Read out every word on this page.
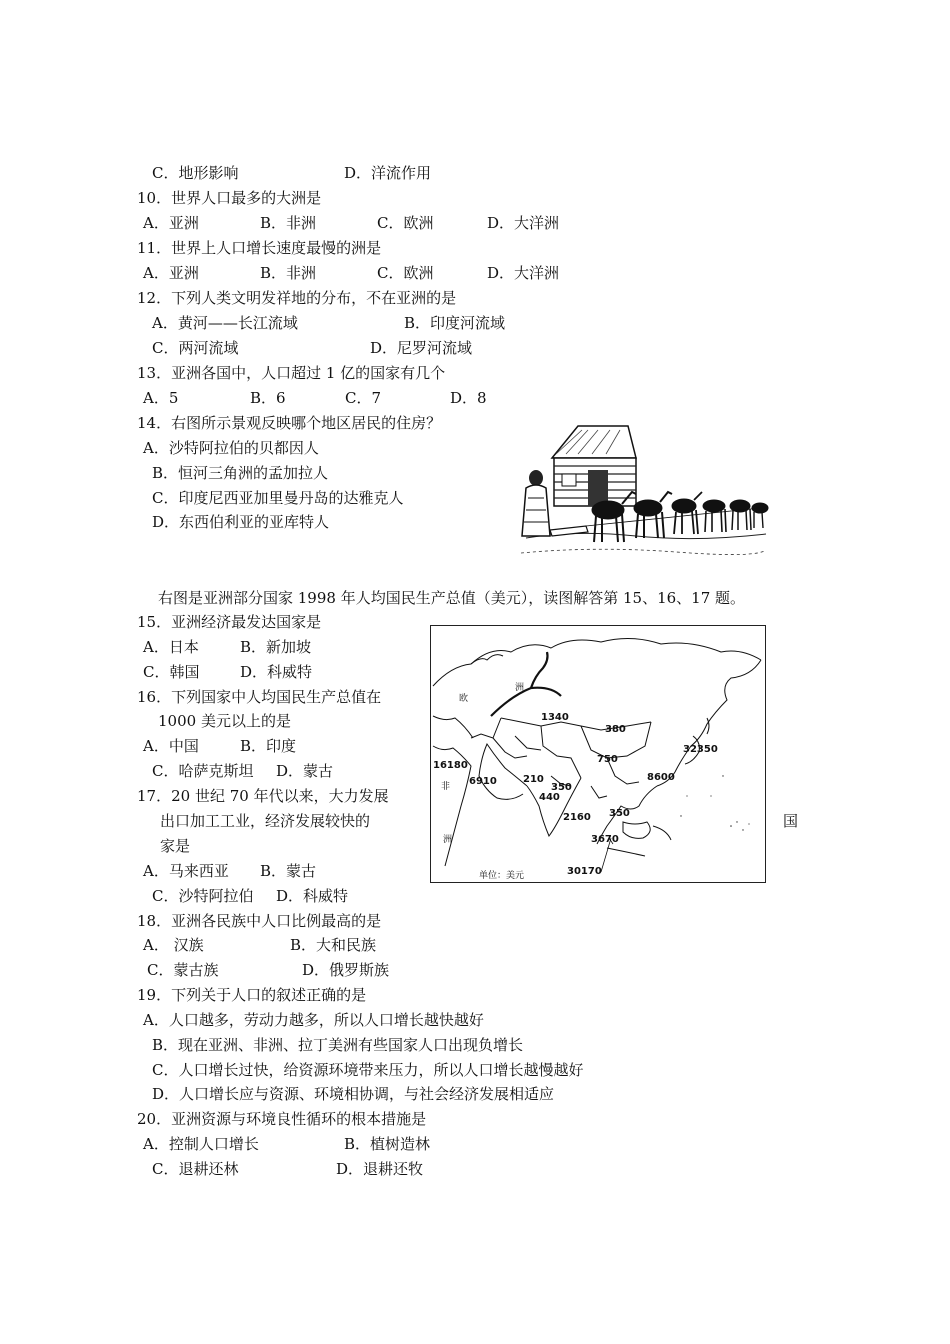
C．地形影响	D．洋流作用
10．世界人口最多的大洲是
A．亚洲	B．非洲	C．欧洲	D．大洋洲
11．世界上人口增长速度最慢的洲是
A．亚洲	B．非洲	C．欧洲	D．大洋洲
12．下列人类文明发祥地的分布，不在亚洲的是
A．黄河——长江流域	B．印度河流域
C．两河流域	D．尼罗河流域
13．亚洲各国中，人口超过 1 亿的国家有几个
A．5	B．6	C．7	D．8
14．右图所示景观反映哪个地区居民的住房？
A．沙特阿拉伯的贝都因人
B．恒河三角洲的孟加拉人
C．印度尼西亚加里曼丹岛的达雅克人
D．东西伯利亚的亚库特人
右图是亚洲部分国家 1998 年人均国民生产总值（美元），读图解答第 15、16、17 题。
15．亚洲经济最发达国家是
A．日本	B．新加坡
C．韩国	D．科威特
16．下列国家中人均国民生产总值在
1000 美元以上的是
A．中国	B．印度
C．哈萨克斯坦 D．蒙古
17．20 世纪 70 年代以来，大力发展
出口加工工业，经济发展较快的	国
家是
A．马来西亚 B．蒙古
C．沙特阿拉伯 D．科威特
欧
洲
非
洲
1340
380
750
32350
8600
16180
6910	210
350
440
350
2160
3670
30170
单位：美元
18．亚洲各民族中人口比例最高的是
A． 汉族	B．大和民族
C．蒙古族	D．俄罗斯族
19．下列关于人口的叙述正确的是
A．人口越多，劳动力越多，所以人口增长越快越好
B．现在亚洲、非洲、拉丁美洲有些国家人口出现负增长
C．人口增长过快，给资源环境带来压力，所以人口增长越慢越好
D．人口增长应与资源、环境相协调，与社会经济发展相适应
20．亚洲资源与环境良性循环的根本措施是
A．控制人口增长	B．植树造林
C．退耕还林	D．退耕还牧
